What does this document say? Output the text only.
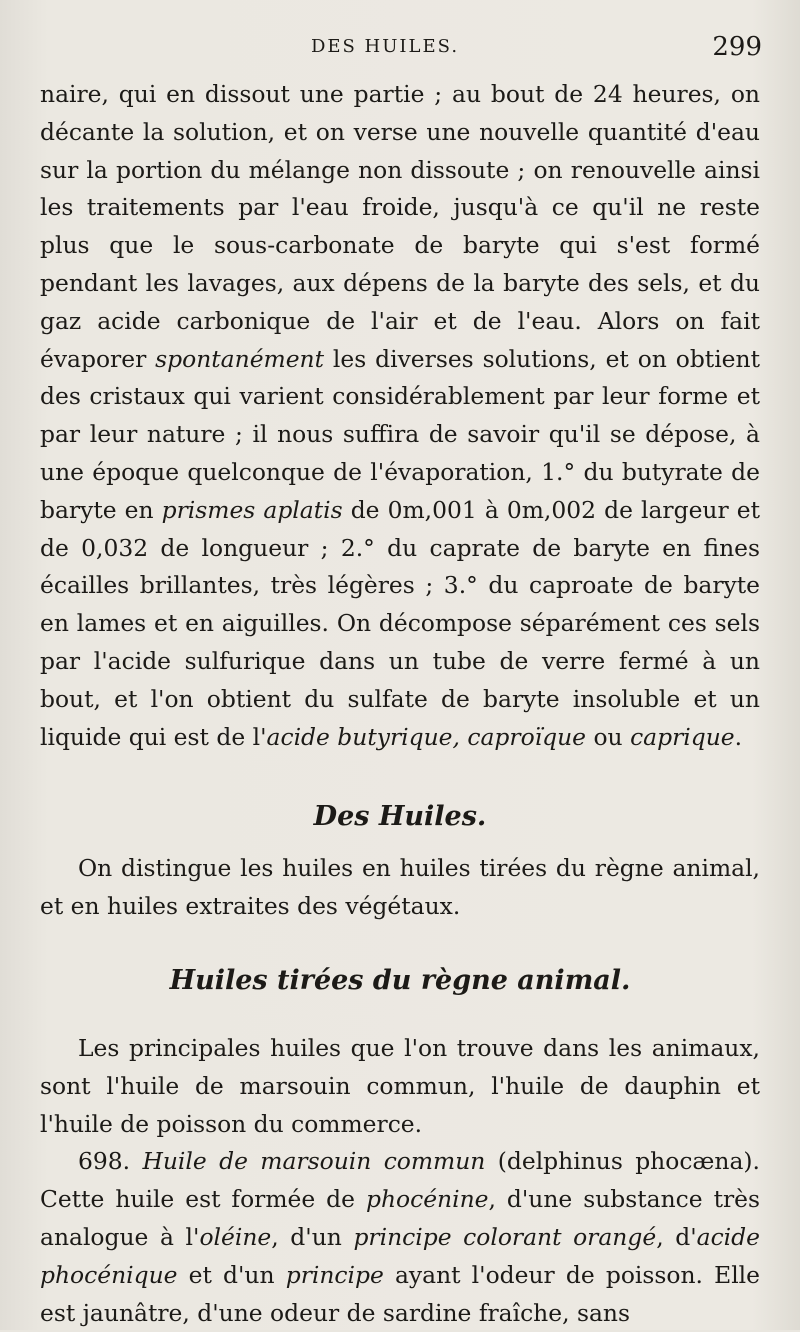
DES HUILES.	299

naire, qui en dissout une partie ; au bout de 24 heures, on décante la solution, et on verse une nouvelle quantité d'eau sur la portion du mélange non dissoute ; on renouvelle ainsi les traitements par l'eau froide, jusqu'à ce qu'il ne reste plus que le sous-carbonate de baryte qui s'est formé pendant les lavages, aux dépens de la baryte des sels, et du gaz acide carbonique de l'air et de l'eau. Alors on fait évaporer spontanément les diverses solutions, et on obtient des cristaux qui varient considérablement par leur forme et par leur nature ; il nous suffira de savoir qu'il se dépose, à une époque quelconque de l'évaporation, 1.° du butyrate de baryte en prismes aplatis de 0m,001 à 0m,002 de largeur et de 0,032 de longueur ; 2.° du caprate de baryte en fines écailles brillantes, très légères ; 3.° du caproate de baryte en lames et en aiguilles. On décompose séparément ces sels par l'acide sulfurique dans un tube de verre fermé à un bout, et l'on obtient du sulfate de baryte insoluble et un liquide qui est de l'acide butyrique, caproïque ou caprique.

Des Huiles.

On distingue les huiles en huiles tirées du règne animal, et en huiles extraites des végétaux.

Huiles tirées du règne animal.

Les principales huiles que l'on trouve dans les animaux, sont l'huile de marsouin commun, l'huile de dauphin et l'huile de poisson du commerce.

698. Huile de marsouin commun (delphinus phocæna). Cette huile est formée de phocénine, d'une substance très analogue à l'oléine, d'un principe colorant orangé, d'acide phocénique et d'un principe ayant l'odeur de poisson. Elle est jaunâtre, d'une odeur de sardine fraîche, sans
